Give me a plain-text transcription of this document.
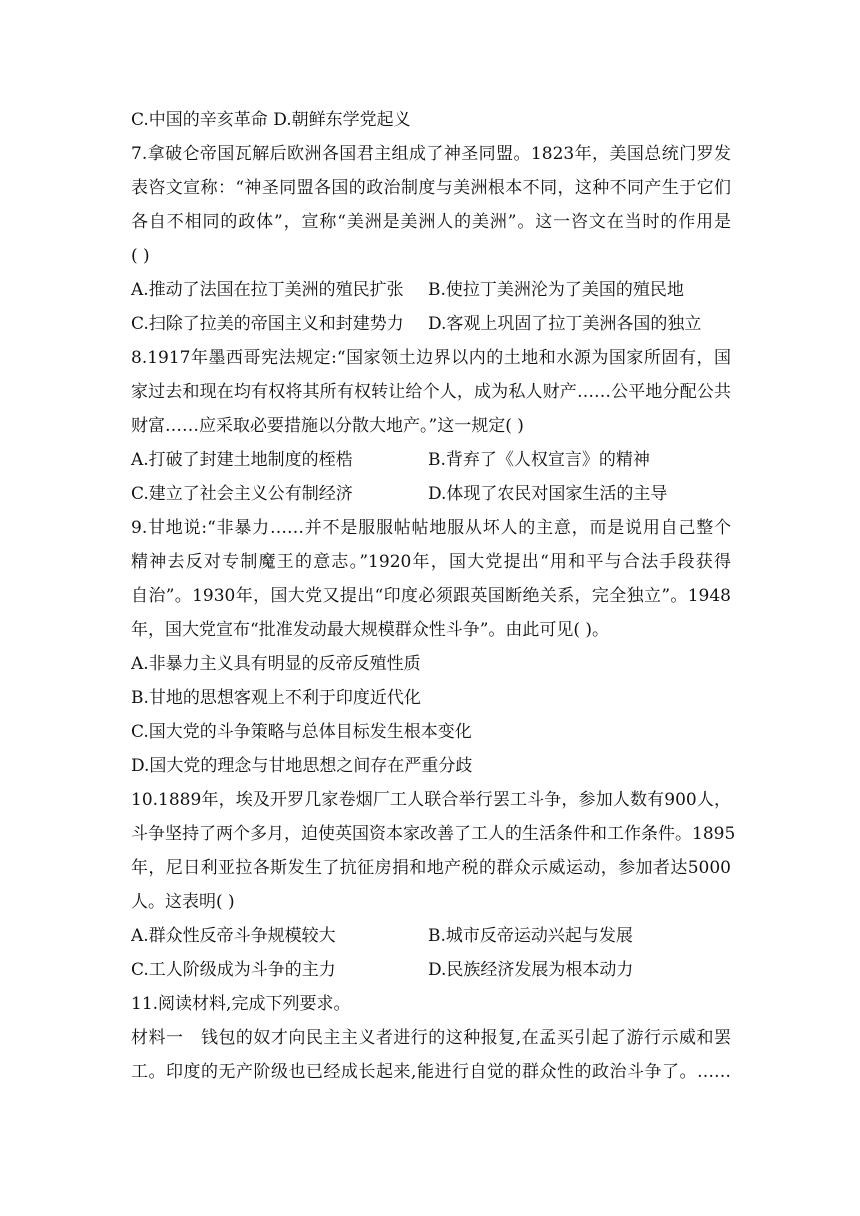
C.中国的辛亥革命 D.朝鲜东学党起义
7.拿破仑帝国瓦解后欧洲各国君主组成了神圣同盟。1823年，美国总统门罗发
表咨文宣称：“神圣同盟各国的政治制度与美洲根本不同，这种不同产生于它们
各自不相同的政体”，宣称“美洲是美洲人的美洲”。这一咨文在当时的作用是
( )
A.推动了法国在拉丁美洲的殖民扩张	B.使拉丁美洲沦为了美国的殖民地
C.扫除了拉美的帝国主义和封建势力	D.客观上巩固了拉丁美洲各国的独立
8.1917年墨西哥宪法规定:“国家领土边界以内的土地和水源为国家所固有，国
家过去和现在均有权将其所有权转让给个人，成为私人财产……公平地分配公共
财富……应采取必要措施以分散大地产。”这一规定( )
A.打破了封建土地制度的桎梏	B.背弃了《人权宣言》的精神
C.建立了社会主义公有制经济	D.体现了农民对国家生活的主导
9.甘地说:“非暴力……并不是服服帖帖地服从坏人的主意，而是说用自己整个
精神去反对专制魔王的意志。”1920年，国大党提出“用和平与合法手段获得
自治”。1930年，国大党又提出“印度必须跟英国断绝关系，完全独立”。1948
年，国大党宣布“批准发动最大规模群众性斗争”。由此可见( )。
A.非暴力主义具有明显的反帝反殖性质
B.甘地的思想客观上不利于印度近代化
C.国大党的斗争策略与总体目标发生根本变化
D.国大党的理念与甘地思想之间存在严重分歧
10.1889年，埃及开罗几家卷烟厂工人联合举行罢工斗争，参加人数有900人，
斗争坚持了两个多月，迫使英国资本家改善了工人的生活条件和工作条件。1895
年，尼日利亚拉各斯发生了抗征房捐和地产税的群众示威运动，参加者达5000
人。这表明( )
A.群众性反帝斗争规模较大	B.城市反帝运动兴起与发展
C.工人阶级成为斗争的主力	D.民族经济发展为根本动力
11.阅读材料,完成下列要求。
材料一　钱包的奴才向民主主义者进行的这种报复,在孟买引起了游行示威和罢
工。印度的无产阶级也已经成长起来,能进行自觉的群众性的政治斗争了。……
